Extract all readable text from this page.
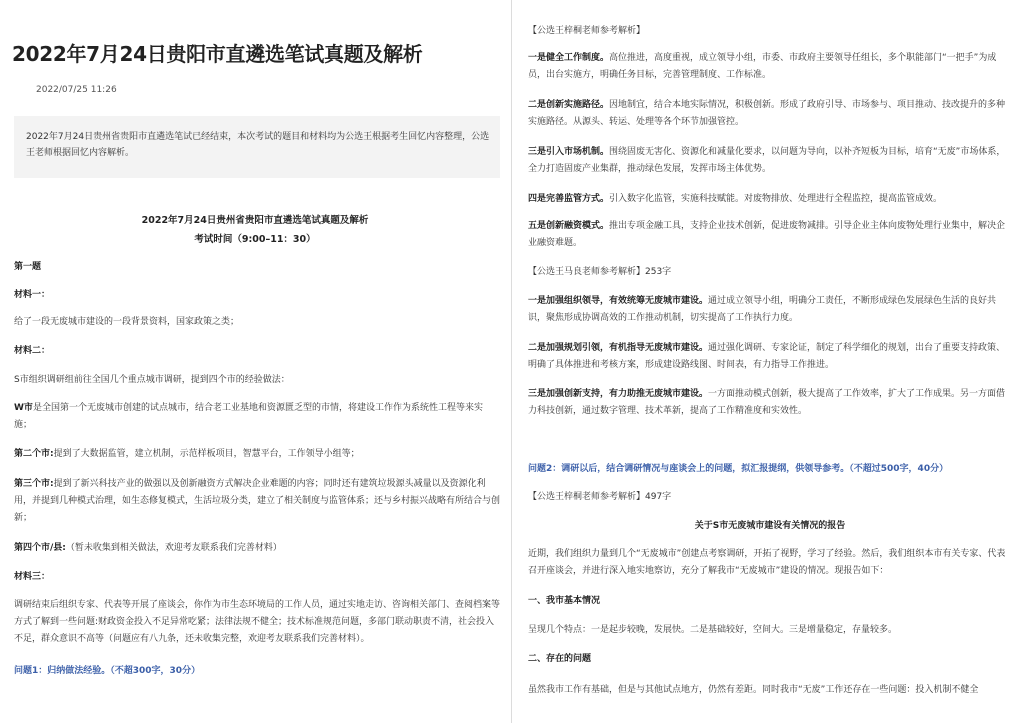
2022年7月24日贵阳市直遴选笔试真题及解析
2022/07/25 11:26
2022年7月24日贵州省贵阳市直遴选笔试已经结束，本次考试的题目和材料均为公选王根据考生回忆内容整理，公选王老师根据回忆内容解析。
2022年7月24日贵州省贵阳市直遴选笔试真题及解析
考试时间（9:00–11：30）
第一题
材料一：
给了一段无废城市建设的一段背景资料，国家政策之类；
材料二：
S市组织调研组前往全国几个重点城市调研，提到四个市的经验做法：
W市是全国第一个无废城市创建的试点城市，结合老工业基地和资源匮乏型的市情，将建设工作作为系统性工程等来实施；
第二个市:提到了大数据监管，建立机制，示范样板项目，智慧平台，工作领导小组等；
第三个市:提到了新兴科技产业的做强以及创新融资方式解决企业难题的内容；同时还有建筑垃圾源头减量以及资源化利用，并提到几种模式治理，如生态修复模式，生活垃圾分类，建立了相关制度与监管体系；还与乡村振兴战略有所结合与创新；
第四个市/县:（暂未收集到相关做法，欢迎考友联系我们完善材料）
材料三：
调研结束后组织专家、代表等开展了座谈会，你作为市生态环境局的工作人员，通过实地走访、咨询相关部门、查阅档案等方式了解到一些问题:财政资金投入不足异常吃紧；法律法规不健全；技术标准规范问题，多部门联动职责不清，社会投入不足，群众意识不高等（问题应有八九条，还未收集完整，欢迎考友联系我们完善材料）。
问题1：归纳做法经验。（不超300字，30分）
【公选王梓桐老师参考解析】
一是健全工作制度。高位推进，高度重视，成立领导小组，市委、市政府主要领导任组长，多个职能部门“一把手”为成员，出台实施方，明确任务目标，完善管理制度、工作标准。
二是创新实施路径。因地制宜，结合本地实际情况，积极创新。形成了政府引导、市场参与、项目推动、技改提升的多种实施路径。从源头、转运、处理等各个环节加强管控。
三是引入市场机制。围绕固废无害化、资源化和减量化要求，以问题为导向，以补齐短板为目标，培育“无废”市场体系，全力打造固废产业集群，推动绿色发展，发挥市场主体优势。
四是完善监管方式。引入数字化监管，实施科技赋能。对废物排放、处理进行全程监控，提高监管成效。
五是创新融资模式。推出专项金融工具，支持企业技术创新，促进废物减排。引导企业主体向废物处理行业集中，解决企业融资难题。
【公选王马良老师参考解析】253字
一是加强组织领导，有效统筹无废城市建设。通过成立领导小组，明确分工责任，不断形成绿色发展绿色生活的良好共识，聚焦形成协调高效的工作推动机制，切实提高了工作执行力度。
二是加强规划引领，有机指导无废城市建设。通过强化调研、专家论证，制定了科学细化的规划，出台了重要支持政策、明确了具体推进和考核方案，形成建设路线图、时间表，有力指导工作推进。
三是加强创新支持，有力助推无废城市建设。一方面推动模式创新，极大提高了工作效率，扩大了工作成果。另一方面借力科技创新，通过数字管理、技术革新，提高了工作精准度和实效性。
问题2：调研以后，结合调研情况与座谈会上的问题，拟汇报提纲，供领导参考。（不超过500字，40分）
【公选王梓桐老师参考解析】497字
关于S市无废城市建设有关情况的报告
近期，我们组织力量到几个“无废城市”创建点考察调研，开拓了视野，学习了经验。然后，我们组织本市有关专家、代表召开座谈会，并进行深入地实地察访，充分了解我市“无废城市”建设的情况。现报告如下：
一、我市基本情况
呈现几个特点：一是起步较晚，发展快。二是基础较好，空间大。三是增量稳定，存量较多。
二、存在的问题
虽然我市工作有基础，但是与其他试点地方，仍然有差距。同时我市“无废”工作还存在一些问题：投入机制不健全
